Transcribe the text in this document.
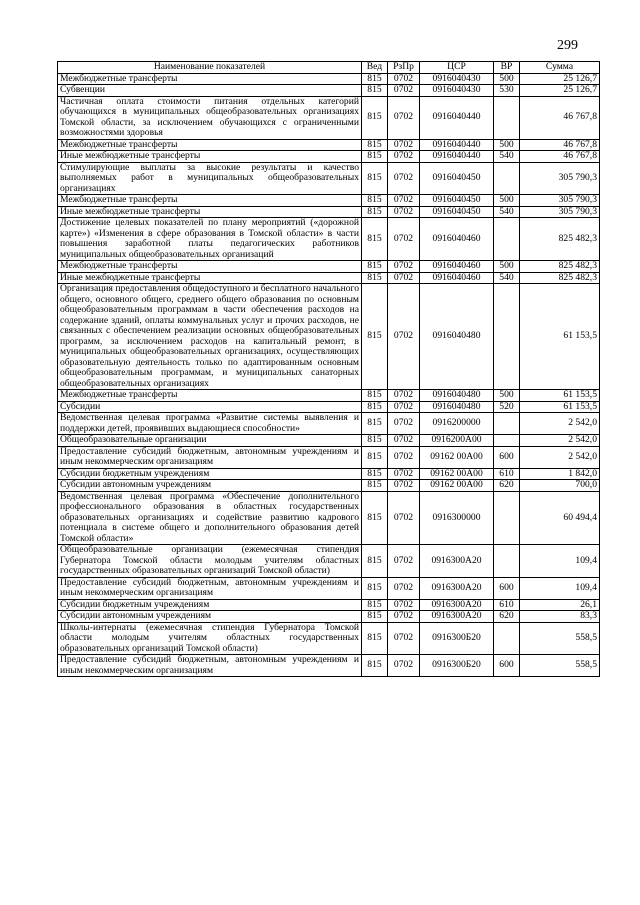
299
Наименование показателей	Вед	РзПр	ЦСР	ВР	Сумма
Межбюджетные трансферты	815	0702	0916040430	500	25 126,7
Субвенции	815	0702	0916040430	530	25 126,7
Частичная оплата стоимости питания отдельных категорий обучающихся в муниципальных общеобразовательных организациях Томской области, за исключением обучающихся с ограниченными возможностями здоровья	815	0702	0916040440		46 767,8
Межбюджетные трансферты	815	0702	0916040440	500	46 767,8
Иные межбюджетные трансферты	815	0702	0916040440	540	46 767,8
Стимулирующие выплаты за высокие результаты и качество выполняемых работ в муниципальных общеобразовательных организациях	815	0702	0916040450		305 790,3
Межбюджетные трансферты	815	0702	0916040450	500	305 790,3
Иные межбюджетные трансферты	815	0702	0916040450	540	305 790,3
Достижение целевых показателей по плану мероприятий («дорожной карте») «Изменения в сфере образования в Томской области» в части повышения заработной платы педагогических работников муниципальных общеобразовательных организаций	815	0702	0916040460		825 482,3
Межбюджетные трансферты	815	0702	0916040460	500	825 482,3
Иные межбюджетные трансферты	815	0702	0916040460	540	825 482,3
Организация предоставления общедоступного и бесплатного начального общего, основного общего, среднего общего образования по основным общеобразовательным программам в части обеспечения расходов на содержание зданий, оплаты коммунальных услуг и прочих расходов, не связанных с обеспечением реализации основных общеобразовательных программ, за исключением расходов на капитальный ремонт, в муниципальных общеобразовательных организациях, осуществляющих образовательную деятельность только по адаптированным основным общеобразовательным программам, и муниципальных санаторных общеобразовательных организациях	815	0702	0916040480		61 153,5
Межбюджетные трансферты	815	0702	0916040480	500	61 153,5
Субсидии	815	0702	0916040480	520	61 153,5
Ведомственная целевая программа «Развитие системы выявления и поддержки детей, проявивших выдающиеся способности»	815	0702	0916200000		2 542,0
Общеобразовательные организации	815	0702	0916200А00		2 542,0
Предоставление субсидий бюджетным, автономным учреждениям и иным некоммерческим организациям	815	0702	09162 00А00	600	2 542,0
Субсидии бюджетным учреждениям	815	0702	09162 00А00	610	1 842,0
Субсидии автономным учреждениям	815	0702	09162 00А00	620	700,0
Ведомственная целевая программа «Обеспечение дополнительного профессионального образования в областных государственных образовательных организациях и содействие развитию кадрового потенциала в системе общего и дополнительного образования детей Томской области»	815	0702	0916300000		60 494,4
Общеобразовательные организации (ежемесячная стипендия Губернатора Томской области молодым учителям областных государственных образовательных организаций Томской области)	815	0702	0916300А20		109,4
Предоставление субсидий бюджетным, автономным учреждениям и иным некоммерческим организациям	815	0702	0916300А20	600	109,4
Субсидии бюджетным учреждениям	815	0702	0916300А20	610	26,1
Субсидии автономным учреждениям	815	0702	0916300А20	620	83,3
Школы-интернаты (ежемесячная стипендия Губернатора Томской области молодым учителям областных государственных образовательных организаций Томской области)	815	0702	0916300Б20		558,5
Предоставление субсидий бюджетным, автономным учреждениям и иным некоммерческим организациям	815	0702	0916300Б20	600	558,5
